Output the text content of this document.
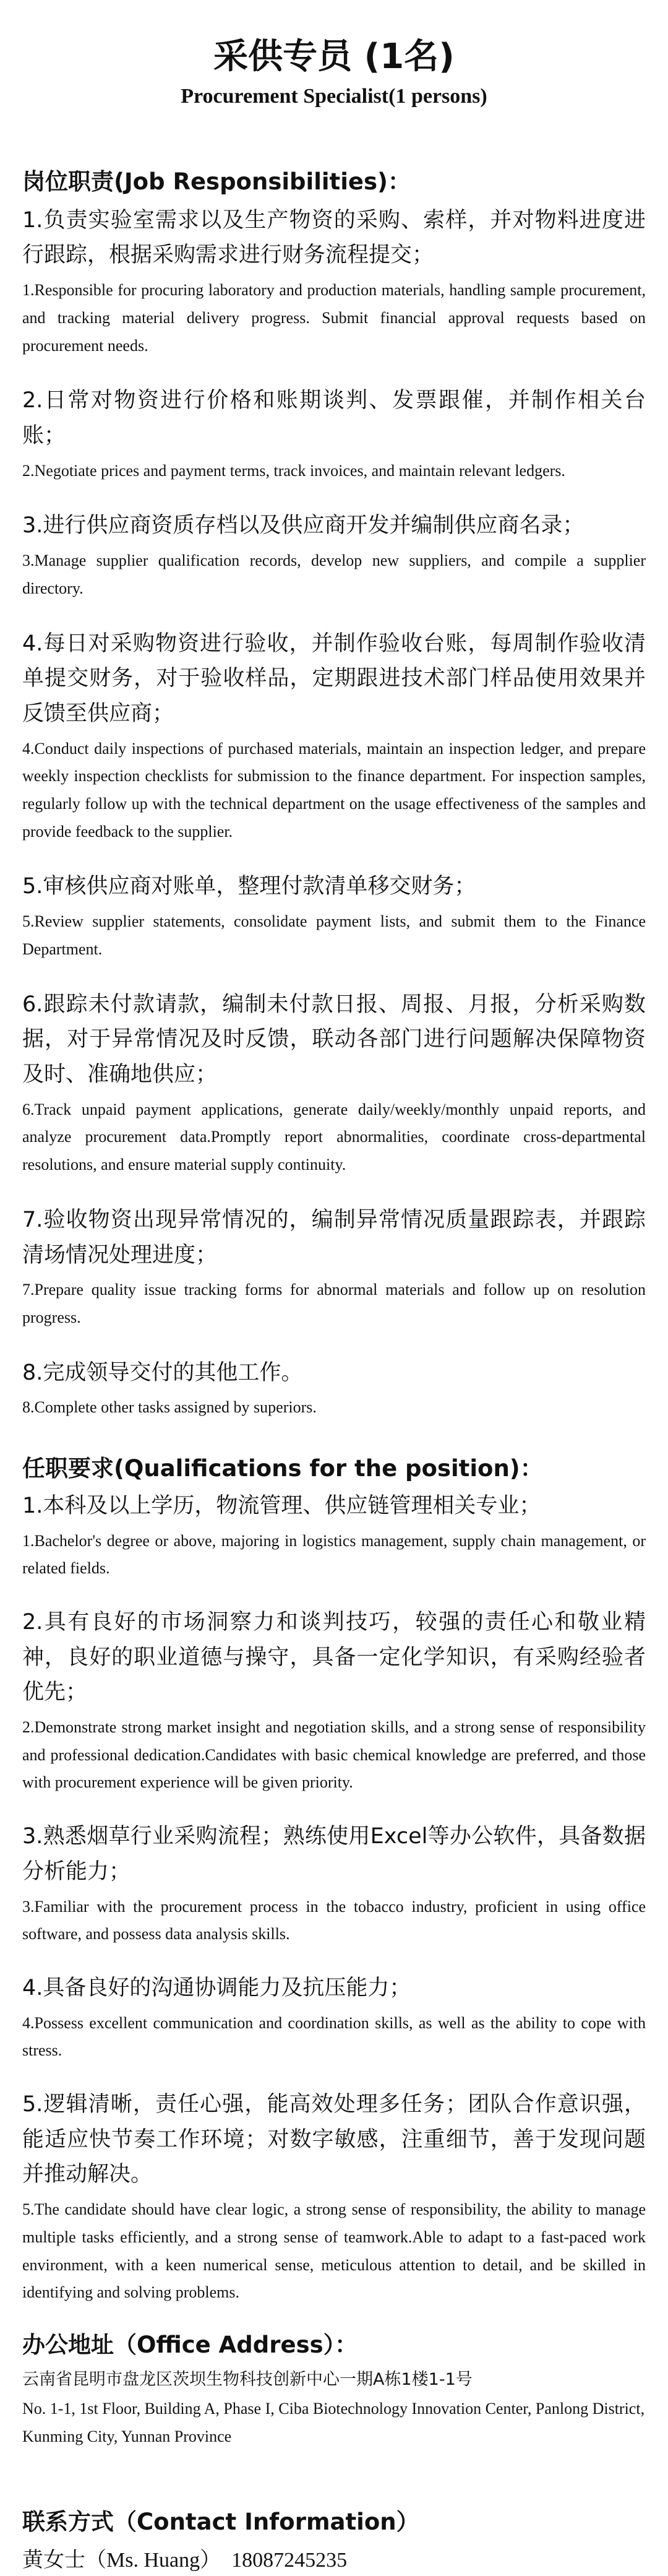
采供专员 (1名)

Procurement Specialist(1 persons)

岗位职责(Job Responsibilities)：

1.负责实验室需求以及生产物资的采购、索样，并对物料进度进行跟踪，根据采购需求进行财务流程提交；

1.Responsible for procuring laboratory and production materials, handling sample procurement, and tracking material delivery progress. Submit financial approval requests based on procurement needs.

2.日常对物资进行价格和账期谈判、发票跟催，并制作相关台账；

2.Negotiate prices and payment terms, track invoices, and maintain relevant ledgers.

3.进行供应商资质存档以及供应商开发并编制供应商名录；

3.Manage supplier qualification records, develop new suppliers, and compile a supplier directory.

4.每日对采购物资进行验收，并制作验收台账，每周制作验收清单提交财务，对于验收样品，定期跟进技术部门样品使用效果并反馈至供应商；

4.Conduct daily inspections of purchased materials, maintain an inspection ledger, and prepare weekly inspection checklists for submission to the finance department. For inspection samples, regularly follow up with the technical department on the usage effectiveness of the samples and provide feedback to the supplier.

5.审核供应商对账单，整理付款清单移交财务；

5.Review supplier statements, consolidate payment lists, and submit them to the Finance Department.

6.跟踪未付款请款，编制未付款日报、周报、月报，分析采购数据，对于异常情况及时反馈，联动各部门进行问题解决保障物资及时、准确地供应；

6.Track unpaid payment applications, generate daily/weekly/monthly unpaid reports, and analyze procurement data.Promptly report abnormalities, coordinate cross-departmental resolutions, and ensure material supply continuity.

7.验收物资出现异常情况的，编制异常情况质量跟踪表，并跟踪清场情况处理进度；

7.Prepare quality issue tracking forms for abnormal materials and follow up on resolution progress.

8.完成领导交付的其他工作。

8.Complete other tasks assigned by superiors.

任职要求(Qualifications for the position)：

1.本科及以上学历，物流管理、供应链管理相关专业；

1.Bachelor's degree or above, majoring in logistics management, supply chain management, or related fields.

2.具有良好的市场洞察力和谈判技巧，较强的责任心和敬业精神，良好的职业道德与操守，具备一定化学知识，有采购经验者优先；

2.Demonstrate strong market insight and negotiation skills, and a strong sense of responsibility and professional dedication.Candidates with basic chemical knowledge are preferred, and those with procurement experience will be given priority.

3.熟悉烟草行业采购流程；熟练使用Excel等办公软件，具备数据分析能力；

3.Familiar with the procurement process in the tobacco industry, proficient in using office software, and possess data analysis skills.

4.具备良好的沟通协调能力及抗压能力；

4.Possess excellent communication and coordination skills, as well as the ability to cope with stress.

5.逻辑清晰，责任心强，能高效处理多任务；团队合作意识强，能适应快节奏工作环境；对数字敏感，注重细节，善于发现问题并推动解决。

5.The candidate should have clear logic, a strong sense of responsibility, the ability to manage multiple tasks efficiently, and a strong sense of teamwork.Able to adapt to a fast-paced work environment, with a keen numerical sense, meticulous attention to detail, and be skilled in identifying and solving problems.

办公地址（Office Address）：

云南省昆明市盘龙区茨坝生物科技创新中心一期A栋1楼1-1号

No. 1-1, 1st Floor, Building A, Phase I, Ciba Biotechnology Innovation Center, Panlong District, Kunming City, Yunnan Province

联系方式（Contact Information）

黄女士（Ms. Huang） 18087245235
